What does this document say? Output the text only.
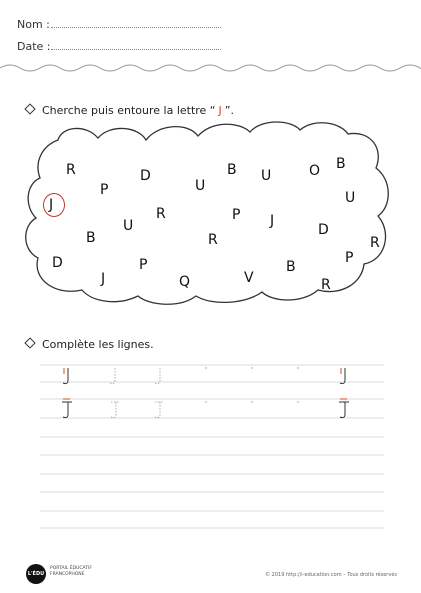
Nom :
Date :
Cherche puis entoure la lettre “ J ”.
Complète les lignes.
L'ÉDU
PORTAIL ÉDUCATIF
FRANCOPHONE	© 2019 http://i-education.com – Tous droits réservés
R
J
P
D
U
B U	O B
U
B
U
R	P J
R
D
R
D
J
P
Q	V
B
P
R
